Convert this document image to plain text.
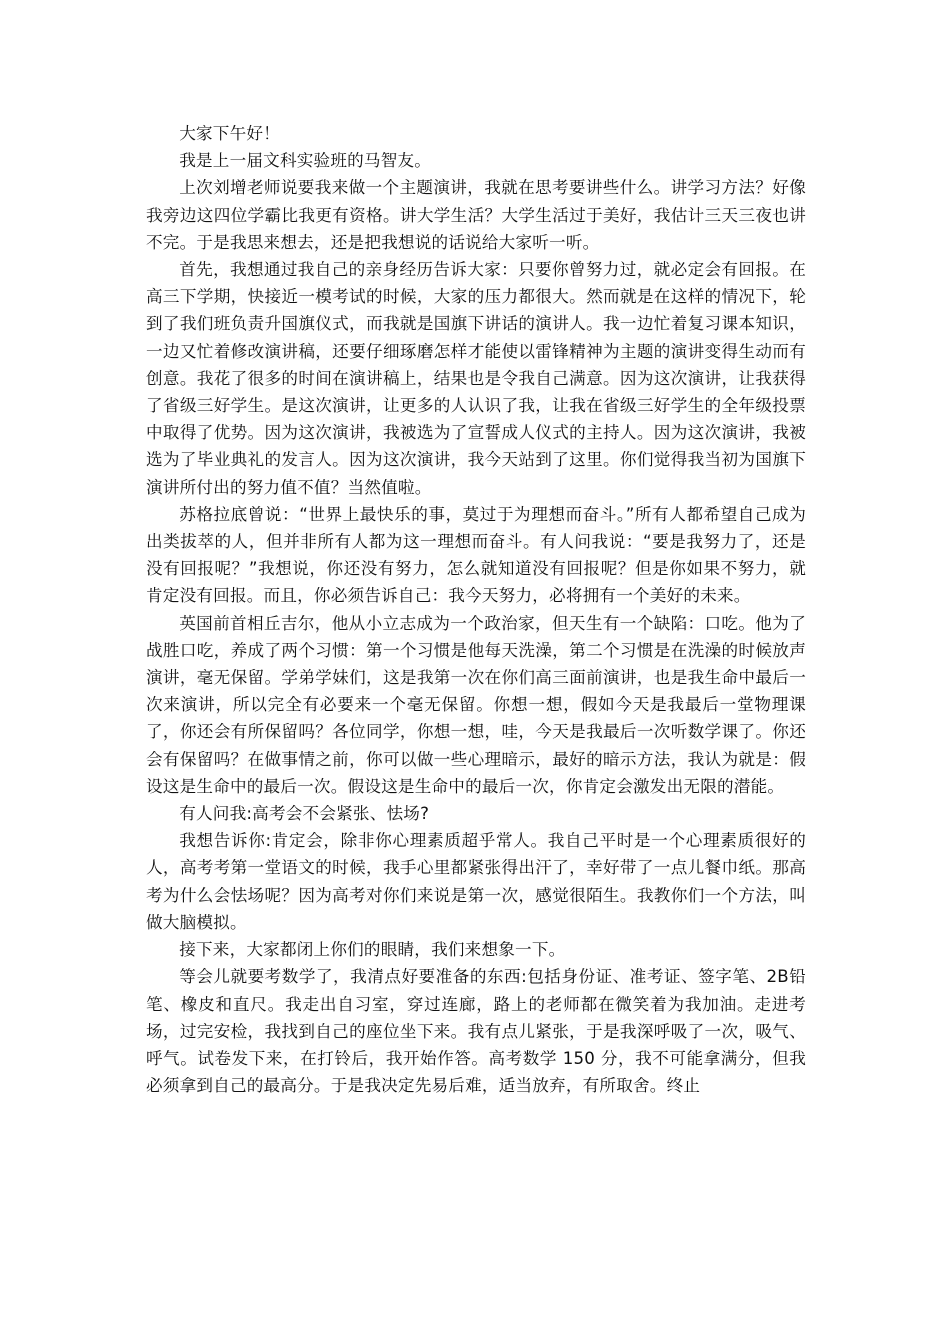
大家下午好！

我是上一届文科实验班的马智友。

上次刘增老师说要我来做一个主题演讲，我就在思考要讲些什么。讲学习方法？好像我旁边这四位学霸比我更有资格。讲大学生活？大学生活过于美好，我估计三天三夜也讲不完。于是我思来想去，还是把我想说的话说给大家听一听。

首先，我想通过我自己的亲身经历告诉大家：只要你曾努力过，就必定会有回报。在高三下学期，快接近一模考试的时候，大家的压力都很大。然而就是在这样的情况下，轮到了我们班负责升国旗仪式，而我就是国旗下讲话的演讲人。我一边忙着复习课本知识，一边又忙着修改演讲稿，还要仔细琢磨怎样才能使以雷锋精神为主题的演讲变得生动而有创意。我花了很多的时间在演讲稿上，结果也是令我自己满意。因为这次演讲，让我获得了省级三好学生。是这次演讲，让更多的人认识了我，让我在省级三好学生的全年级投票中取得了优势。因为这次演讲，我被选为了宣誓成人仪式的主持人。因为这次演讲，我被选为了毕业典礼的发言人。因为这次演讲，我今天站到了这里。你们觉得我当初为国旗下演讲所付出的努力值不值？当然值啦。

苏格拉底曾说：“世界上最快乐的事，莫过于为理想而奋斗。”所有人都希望自己成为出类拔萃的人，但并非所有人都为这一理想而奋斗。有人问我说：“要是我努力了，还是没有回报呢？”我想说，你还没有努力，怎么就知道没有回报呢？但是你如果不努力，就肯定没有回报。而且，你必须告诉自己：我今天努力，必将拥有一个美好的未来。

英国前首相丘吉尔，他从小立志成为一个政治家，但天生有一个缺陷：口吃。他为了战胜口吃，养成了两个习惯：第一个习惯是他每天洗澡，第二个习惯是在洗澡的时候放声演讲，毫无保留。学弟学妹们，这是我第一次在你们高三面前演讲，也是我生命中最后一次来演讲，所以完全有必要来一个毫无保留。你想一想，假如今天是我最后一堂物理课了，你还会有所保留吗？各位同学，你想一想，哇，今天是我最后一次听数学课了。你还会有保留吗？在做事情之前，你可以做一些心理暗示，最好的暗示方法，我认为就是：假设这是生命中的最后一次。假设这是生命中的最后一次，你肯定会激发出无限的潜能。

有人问我:高考会不会紧张、怯场?

我想告诉你:肯定会，除非你心理素质超乎常人。我自己平时是一个心理素质很好的人，高考考第一堂语文的时候，我手心里都紧张得出汗了，幸好带了一点儿餐巾纸。那高考为什么会怯场呢？因为高考对你们来说是第一次，感觉很陌生。我教你们一个方法，叫做大脑模拟。

接下来，大家都闭上你们的眼睛，我们来想象一下。

等会儿就要考数学了，我清点好要准备的东西:包括身份证、准考证、签字笔、2B铅笔、橡皮和直尺。我走出自习室，穿过连廊，路上的老师都在微笑着为我加油。走进考场，过完安检，我找到自己的座位坐下来。我有点儿紧张，于是我深呼吸了一次，吸气、呼气。试卷发下来，在打铃后，我开始作答。高考数学 150 分，我不可能拿满分，但我必须拿到自己的最高分。于是我决定先易后难，适当放弃，有所取舍。终止
